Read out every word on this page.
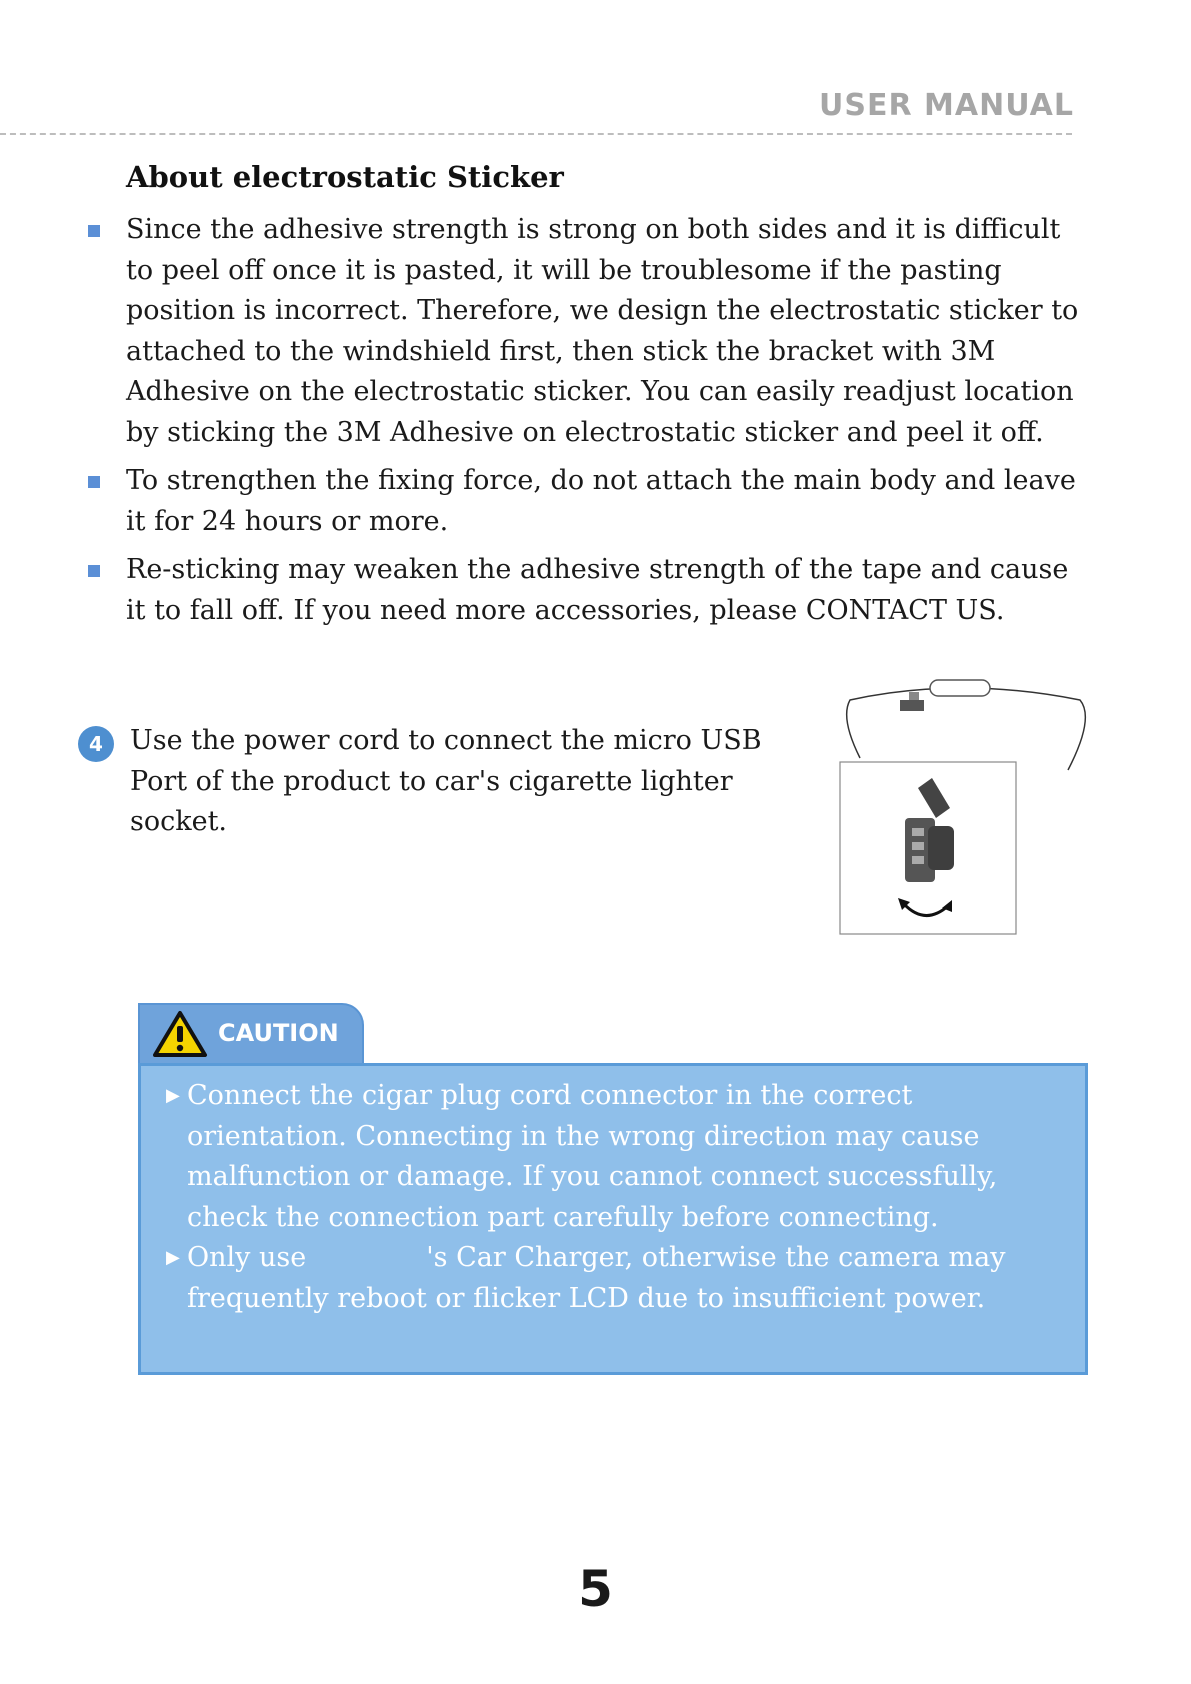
USER MANUAL
About electrostatic Sticker
Since the adhesive strength is strong on both sides and it is difficult to peel off once it is pasted, it will be troublesome if the pasting position is incorrect. Therefore, we design the electrostatic sticker to attached to the windshield first, then stick the bracket with 3M Adhesive on the electrostatic sticker. You can easily readjust location by sticking the 3M Adhesive on electrostatic sticker and peel it off.
To strengthen the fixing force, do not attach the main body and leave it for 24 hours or more.
Re-sticking may weaken the adhesive strength of the tape and cause it to fall off. If you need more accessories, please CONTACT US.
4	Use the power cord to connect the micro USB Port of the product to car's cigarette lighter socket.
CAUTION
▶ Connect the cigar plug cord connector in the correct orientation. Connecting in the wrong direction may cause malfunction or damage. If you cannot connect successfully, check the connection part carefully before connecting.
▶ Only use	's Car Charger, otherwise the camera may frequently reboot or flicker LCD due to insufficient power.
5
